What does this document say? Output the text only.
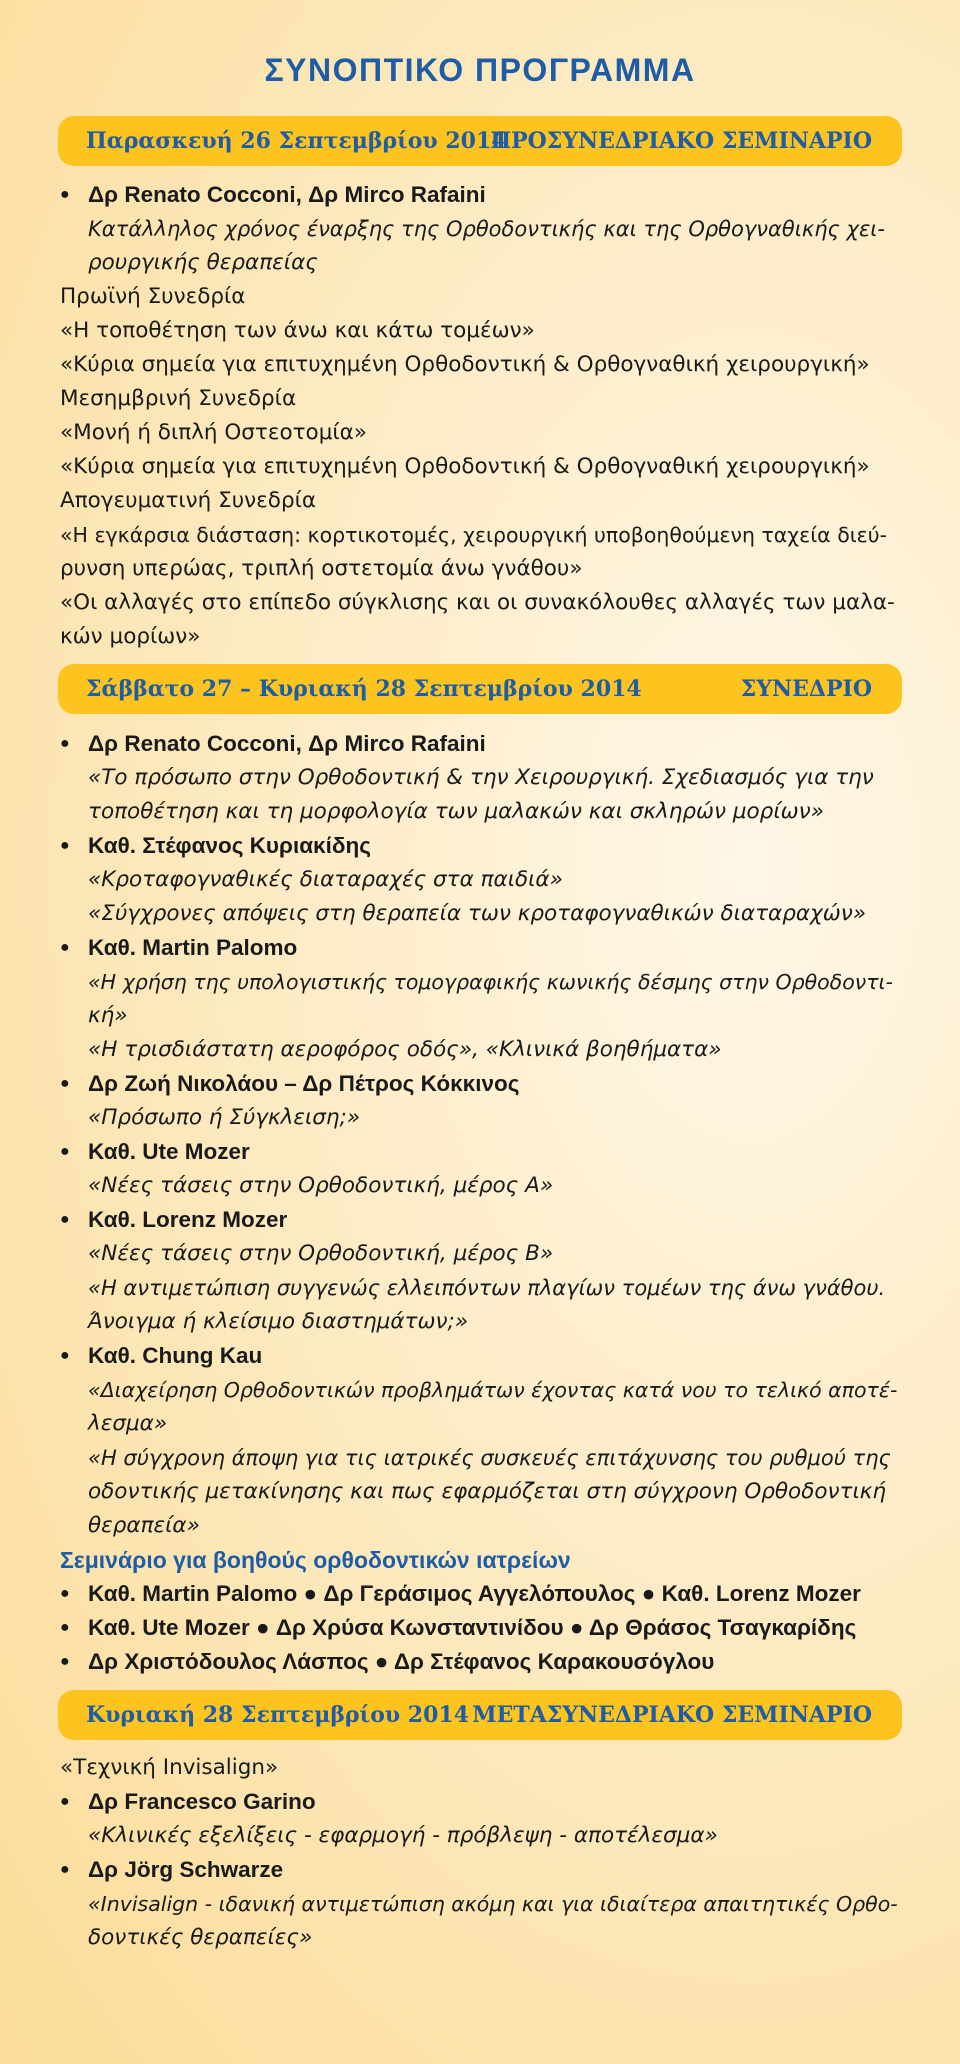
ΣΥΝΟΠΤΙΚΟ ΠΡΟΓΡΑΜΜΑ
Παρασκευή 26 Σεπτεμβρίου 2014
ΠΡΟΣΥΝΕΔΡΙΑΚΟ ΣΕΜΙΝΑΡΙΟ
● Δρ Renato Cocconi, Δρ Mirco Rafaini
Κατάλληλος χρόνος έναρξης της Ορθοδοντικής και της Ορθογναθικής χει-
ρουργικής θεραπείας
Πρωϊνή Συνεδρία
«Η τοποθέτηση των άνω και κάτω τομέων»
«Κύρια σημεία για επιτυχημένη Ορθοδοντική & Ορθογναθική χειρουργική»
Μεσημβρινή Συνεδρία
«Μονή ή διπλή Οστεοτομία»
«Κύρια σημεία για επιτυχημένη Ορθοδοντική & Ορθογναθική χειρουργική»
Απογευματινή Συνεδρία
«Η εγκάρσια διάσταση: κορτικοτομές, χειρουργική υποβοηθούμενη ταχεία διεύ-
ρυνση υπερώας, τριπλή οστετομία άνω γνάθου»
«Οι αλλαγές στο επίπεδο σύγκλισης και οι συνακόλουθες αλλαγές των μαλα-
κών μορίων»
Σάββατο 27 – Κυριακή 28 Σεπτεμβρίου 2014	ΣΥΝΕΔΡΙΟ
● Δρ Renato Cocconi, Δρ Mirco Rafaini
«Το πρόσωπο στην Ορθοδοντική & την Χειρουργική. Σχεδιασμός για την
τοποθέτηση και τη μορφολογία των μαλακών και σκληρών μορίων»
● Καθ. Στέφανος Κυριακίδης
«Κροταφογναθικές διαταραχές στα παιδιά»
«Σύγχρονες απόψεις στη θεραπεία των κροταφογναθικών διαταραχών»
● Καθ. Martin Palomo
«Η χρήση της υπολογιστικής τομογραφικής κωνικής δέσμης στην Ορθοδοντι-
κή»
«Η τρισδιάστατη αεροφόρος οδός», «Κλινικά βοηθήματα»
● Δρ Ζωή Νικολάου – Δρ Πέτρος Κόκκινος
«Πρόσωπο ή Σύγκλειση;»
● Καθ. Ute Mozer
«Νέες τάσεις στην Ορθοδοντική, μέρος Α»
● Καθ. Lorenz Mozer
«Νέες τάσεις στην Ορθοδοντική, μέρος Β»
«Η αντιμετώπιση συγγενώς ελλειπόντων πλαγίων τομέων της άνω γνάθου.
Άνοιγμα ή κλείσιμο διαστημάτων;»
● Καθ. Chung Kau
«Διαχείρηση Ορθοδοντικών προβλημάτων έχοντας κατά νου το τελικό αποτέ-
λεσμα»
«Η σύγχρονη άποψη για τις ιατρικές συσκευές επιτάχυνσης του ρυθμού της
οδοντικής μετακίνησης και πως εφαρμόζεται στη σύγχρονη Ορθοδοντική
θεραπεία»
Σεμινάριο για βοηθούς ορθοδοντικών ιατρείων
● Καθ. Martin Palomo ● Δρ Γεράσιμος Αγγελόπουλος ● Καθ. Lorenz Mozer
● Καθ. Ute Mozer ● Δρ Χρύσα Κωνσταντινίδου ● Δρ Θράσος Τσαγκαρίδης
● Δρ Χριστόδουλος Λάσπος ● Δρ Στέφανος Καρακουσόγλου
Κυριακή 28 Σεπτεμβρίου 2014 ΜΕΤΑΣΥΝΕΔΡΙΑΚΟ ΣΕΜΙΝΑΡΙΟ
«Τεχνική Invisalign»
● Δρ Francesco Garino
«Κλινικές εξελίξεις - εφαρμογή - πρόβλεψη - αποτέλεσμα»
● Δρ Jörg Schwarze
«Invisalign - ιδανική αντιμετώπιση ακόμη και για ιδιαίτερα απαιτητικές Ορθο-
δοντικές θεραπείες»
